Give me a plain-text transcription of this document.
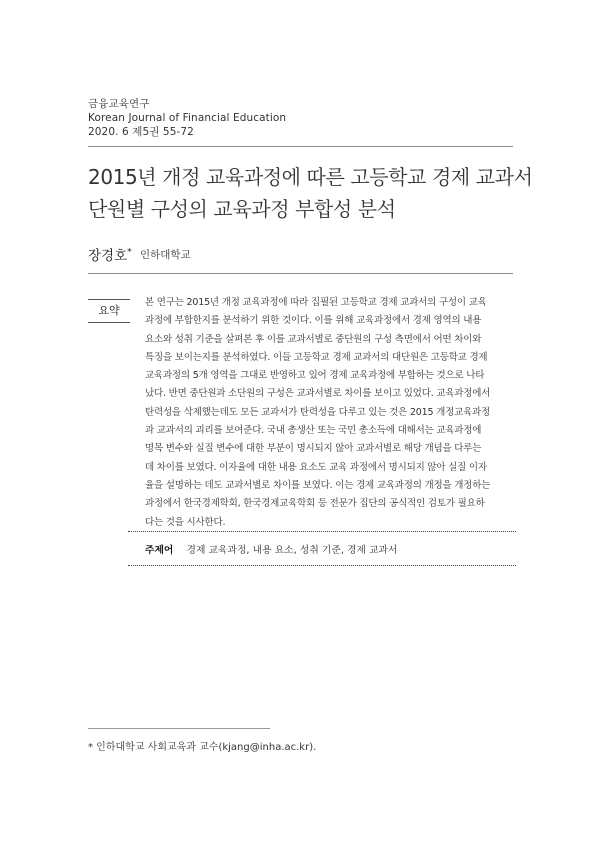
금융교육연구
Korean Journal of Financial Education
2020. 6 제5권 55-72
2015년 개정 교육과정에 따른 고등학교 경제 교과서
단원별 구성의 교육과정 부합성 분석
장경호* 인하대학교
요약
본 연구는 2015년 개정 교육과정에 따라 집필된 고등학교 경제 교과서의 구성이 교육
과정에 부합한지를 분석하기 위한 것이다. 이를 위해 교육과정에서 경제 영역의 내용
요소와 성취 기준을 살펴본 후 이를 교과서별로 중단원의 구성 측면에서 어떤 차이와
특징을 보이는지를 분석하였다. 이들 고등학교 경제 교과서의 대단원은 고등학교 경제
교육과정의 5개 영역을 그대로 반영하고 있어 경제 교육과정에 부합하는 것으로 나타
났다. 반면 중단원과 소단원의 구성은 교과서별로 차이를 보이고 있었다. 교육과정에서
탄력성을 삭제했는데도 모든 교과서가 탄력성을 다루고 있는 것은 2015 개정교육과정
과 교과서의 괴리를 보여준다. 국내 총생산 또는 국민 총소득에 대해서는 교육과정에
명목 변수와 실질 변수에 대한 부분이 명시되지 않아 교과서별로 해당 개념을 다루는
데 차이를 보였다. 이자율에 대한 내용 요소도 교육 과정에서 명시되지 않아 실질 이자
율을 설명하는 데도 교과서별로 차이를 보였다. 이는 경제 교육과정의 개정을 개정하는
과정에서 한국경제학회, 한국경제교육학회 등 전문가 집단의 공식적인 검토가 필요하
다는 것을 시사한다.
주제어 경제 교육과정, 내용 요소, 성취 기준, 경제 교과서
* 인하대학교 사회교육과 교수(kjang@inha.ac.kr).
